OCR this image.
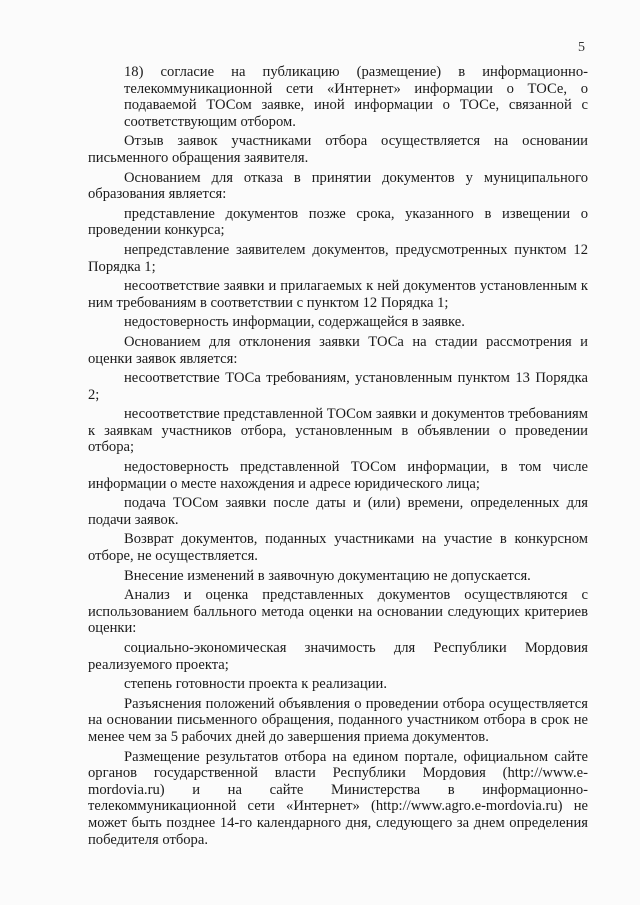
5

18) согласие на публикацию (размещение) в информационно-телекоммуникационной сети «Интернет» информации о ТОСе, о подаваемой ТОСом заявке, иной информации о ТОСе, связанной с соответствующим отбором.

Отзыв заявок участниками отбора осуществляется на основании письменного обращения заявителя.

Основанием для отказа в принятии документов у муниципального образования является:

представление документов позже срока, указанного в извещении о проведении конкурса;

непредставление заявителем документов, предусмотренных пунктом 12 Порядка 1;

несоответствие заявки и прилагаемых к ней документов установленным к ним требованиям в соответствии с пунктом 12 Порядка 1;

недостоверность информации, содержащейся в заявке.

Основанием для отклонения заявки ТОСа на стадии рассмотрения и оценки заявок является:

несоответствие ТОСа требованиям, установленным пунктом 13 Порядка 2;

несоответствие представленной ТОСом заявки и документов требованиям к заявкам участников отбора, установленным в объявлении о проведении отбора;

недостоверность представленной ТОСом информации, в том числе информации о месте нахождения и адресе юридического лица;

подача ТОСом заявки после даты и (или) времени, определенных для подачи заявок.

Возврат документов, поданных участниками на участие в конкурсном отборе, не осуществляется.

Внесение изменений в заявочную документацию не допускается.

Анализ и оценка представленных документов осуществляются с использованием балльного метода оценки на основании следующих критериев оценки:

социально-экономическая значимость для Республики Мордовия реализуемого проекта;

степень готовности проекта к реализации.

Разъяснения положений объявления о проведении отбора осуществляется на основании письменного обращения, поданного участником отбора в срок не менее чем за 5 рабочих дней до завершения приема документов.

Размещение результатов отбора на едином портале, официальном сайте органов государственной власти Республики Мордовия (http://www.e-mordovia.ru) и на сайте Министерства в информационно-телекоммуникационной сети «Интернет» (http://www.agro.e-mordovia.ru) не может быть позднее 14-го календарного дня, следующего за днем определения победителя отбора.
